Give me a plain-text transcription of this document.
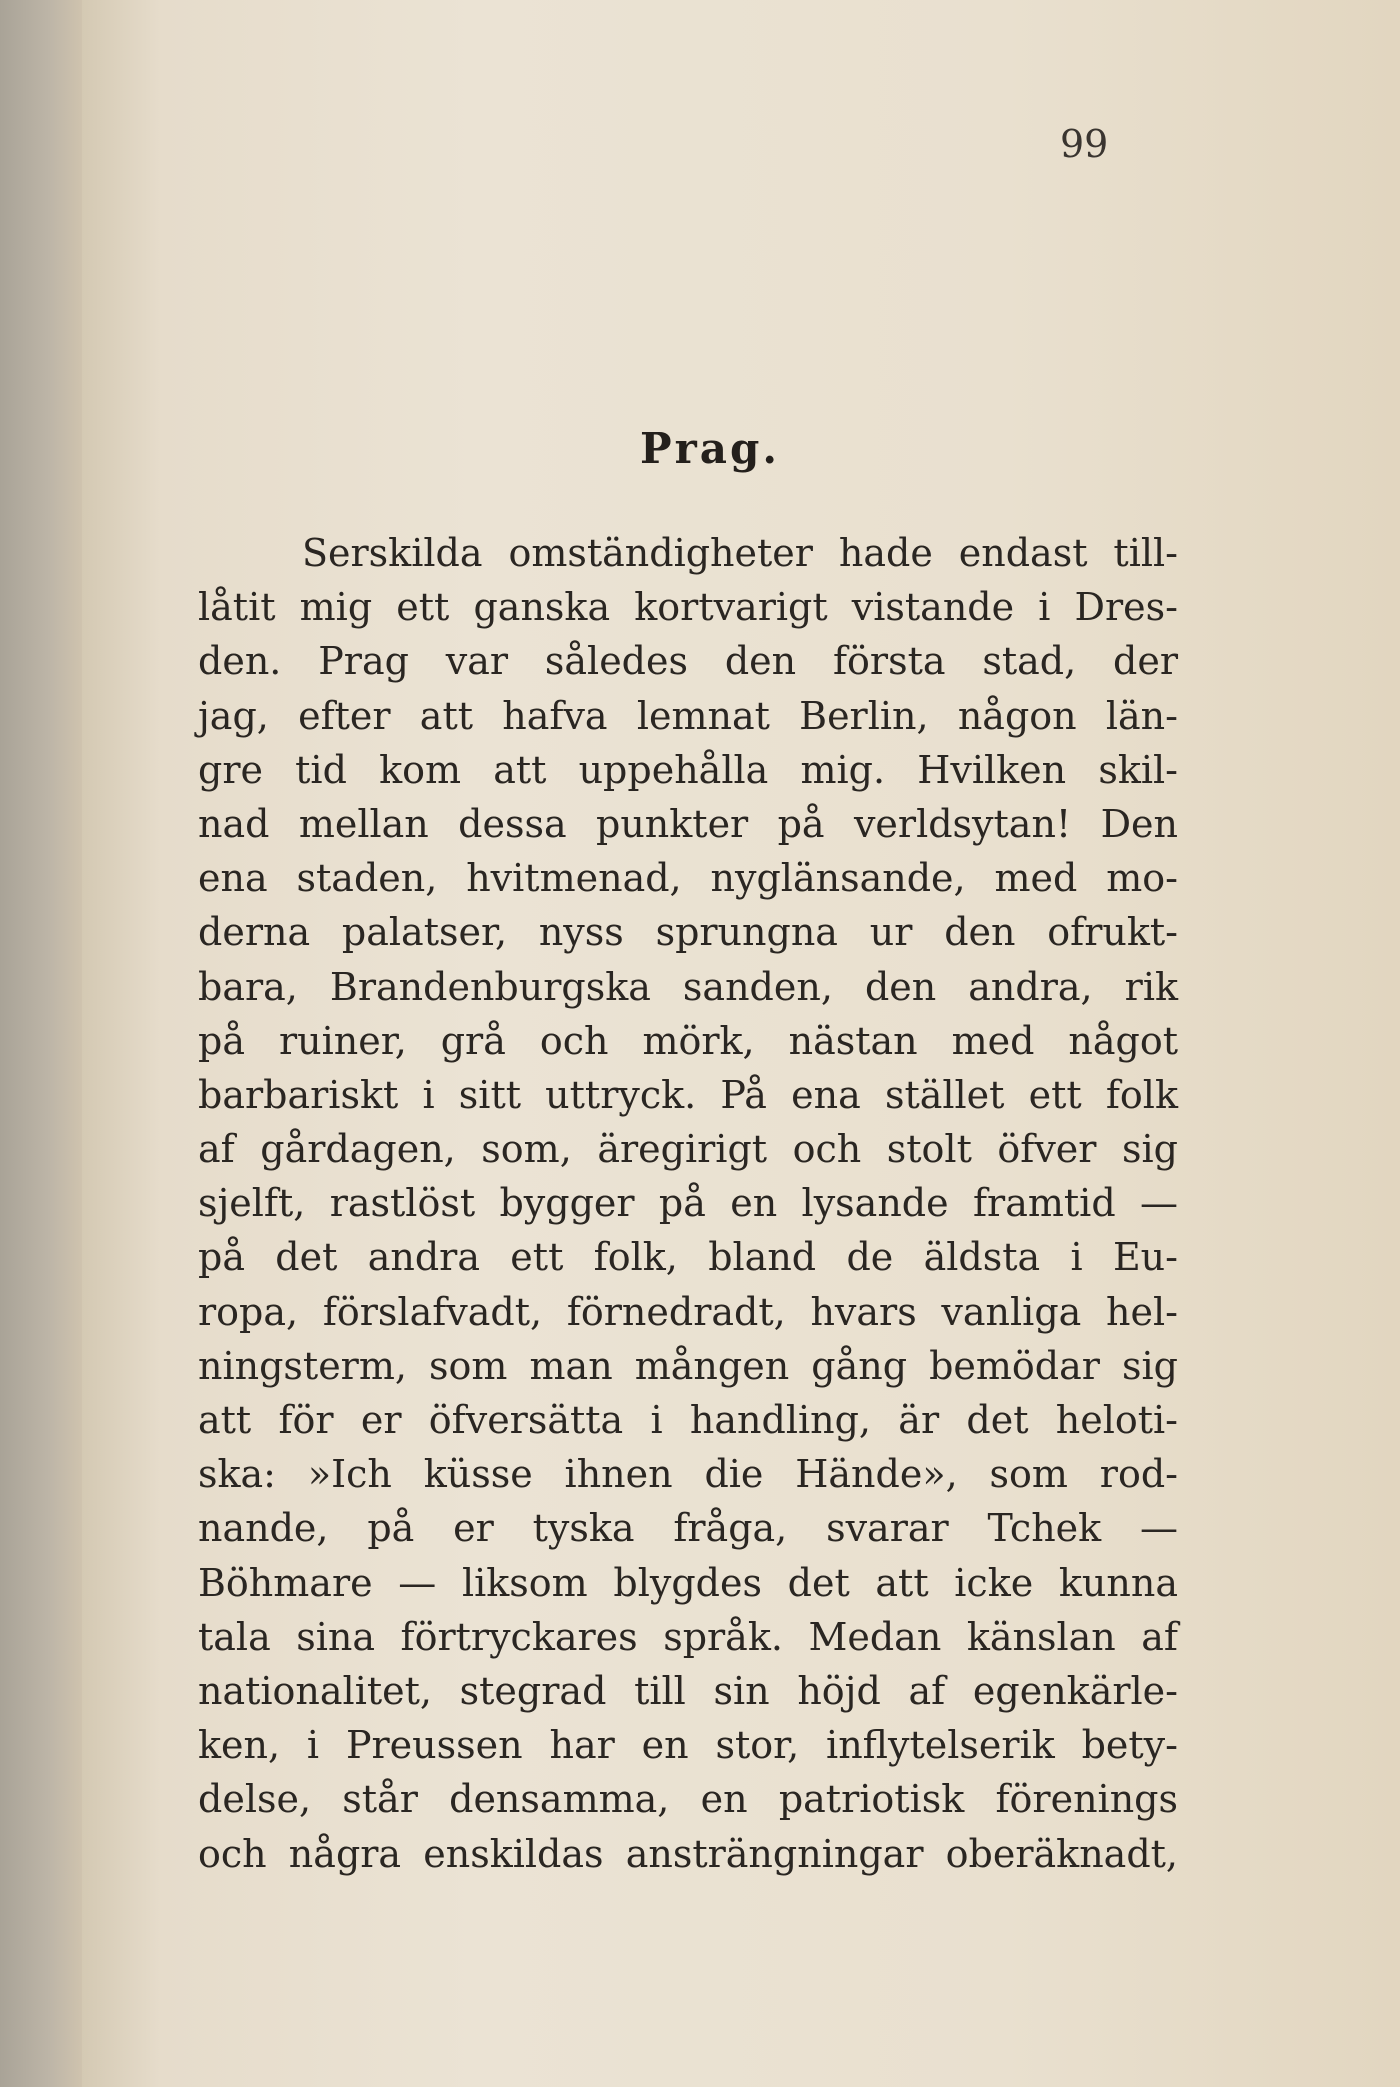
99

Prag.
Serskilda omständigheter hade endast till-
låtit mig ett ganska kortvarigt vistande i Dres-
den. Prag var således den första stad, der
jag, efter att hafva lemnat Berlin, någon län-
gre tid kom att uppehålla mig. Hvilken skil-
nad mellan dessa punkter på verldsytan! Den
ena staden, hvitmenad, nyglänsande, med mo-
derna palatser, nyss sprungna ur den ofrukt-
bara, Brandenburgska sanden, den andra, rik
på ruiner, grå och mörk, nästan med något
barbariskt i sitt uttryck. På ena stället ett folk
af gårdagen, som, äregirigt och stolt öfver sig
sjelft, rastlöst bygger på en lysande framtid —
på det andra ett folk, bland de äldsta i Eu-
ropa, förslafvadt, förnedradt, hvars vanliga hel-
ningsterm, som man mången gång bemödar sig
att för er öfversätta i handling, är det heloti-
ska: »Ich küsse ihnen die Hände», som rod-
nande, på er tyska fråga, svarar Tchek —
Böhmare — liksom blygdes det att icke kunna
tala sina förtryckares språk. Medan känslan af
nationalitet, stegrad till sin höjd af egenkärle-
ken, i Preussen har en stor, inflytelserik bety-
delse, står densamma, en patriotisk förenings
och några enskildas ansträngningar oberäknadt,
